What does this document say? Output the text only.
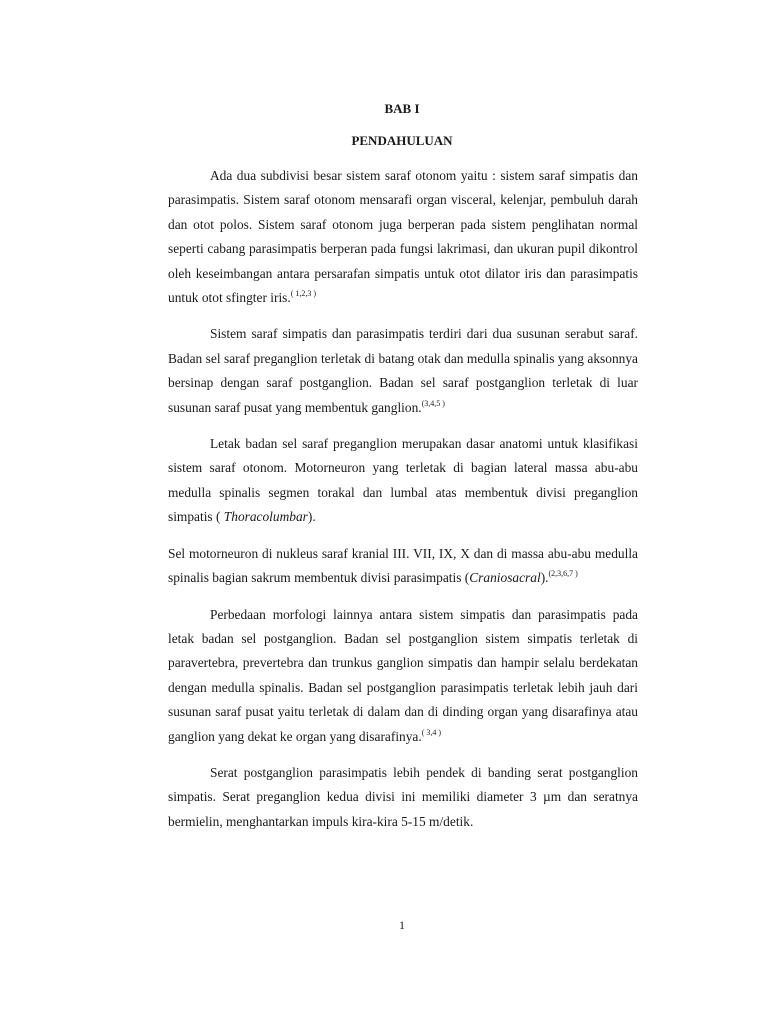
BAB I
PENDAHULUAN

Ada dua subdivisi besar sistem saraf otonom yaitu : sistem saraf simpatis dan parasimpatis. Sistem saraf otonom mensarafi organ visceral, kelenjar, pembuluh darah dan otot polos. Sistem saraf otonom juga berperan pada sistem penglihatan normal seperti cabang parasimpatis berperan pada fungsi lakrimasi, dan ukuran pupil dikontrol oleh keseimbangan antara persarafan simpatis untuk otot dilator iris dan parasimpatis untuk otot sfingter iris.$^{( 1,2,3 )}$

Sistem saraf simpatis dan parasimpatis terdiri dari dua susunan serabut saraf. Badan sel saraf preganglion terletak di batang otak dan medulla spinalis yang aksonnya bersinap dengan saraf postganglion. Badan sel saraf postganglion terletak di luar susunan saraf pusat yang membentuk ganglion.$^{(3,4,5 )}$

Letak badan sel saraf preganglion merupakan dasar anatomi untuk klasifikasi sistem saraf otonom. Motorneuron yang terletak di bagian lateral massa abu-abu medulla spinalis segmen torakal dan lumbal atas membentuk divisi preganglion simpatis ( Thoracolumbar).

Sel motorneuron di nukleus saraf kranial III. VII, IX, X dan di massa abu-abu medulla spinalis bagian sakrum membentuk divisi parasimpatis (Craniosacral).$^{(2,3,6,7 )}$

Perbedaan morfologi lainnya antara sistem simpatis dan parasimpatis pada letak badan sel postganglion. Badan sel postganglion sistem simpatis terletak di paravertebra, prevertebra dan trunkus ganglion simpatis dan hampir selalu berdekatan dengan medulla spinalis. Badan sel postganglion parasimpatis terletak lebih jauh dari susunan saraf pusat yaitu terletak di dalam dan di dinding organ yang disarafinya atau ganglion yang dekat ke organ yang disarafinya.$^{( 3,4 )}$

Serat postganglion parasimpatis lebih pendek di banding serat postganglion simpatis. Serat preganglion kedua divisi ini memiliki diameter 3 µm dan seratnya bermielin, menghantarkan impuls kira-kira 5-15 m/detik.

1
